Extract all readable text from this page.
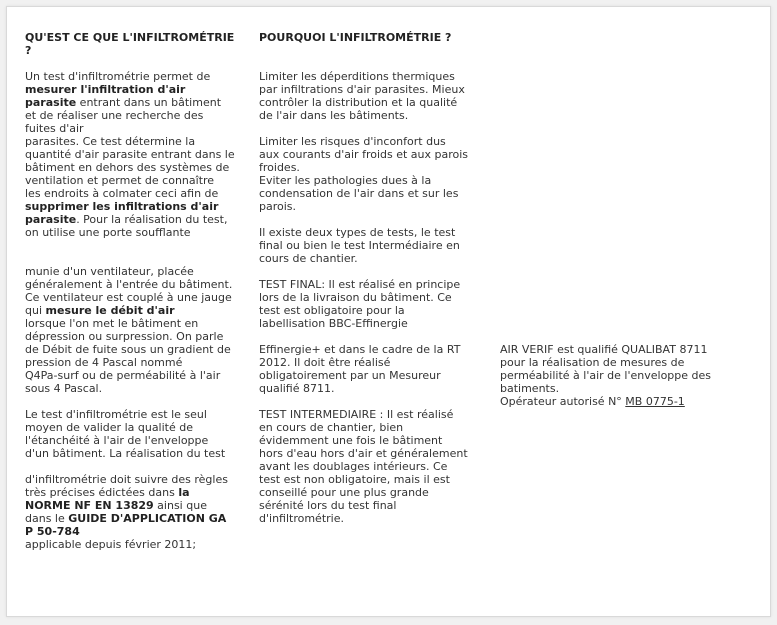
QU'EST CE QUE L'INFILTROMÉTRIE ?

Un test d'infiltrométrie permet de mesurer l'infiltration d'air parasite entrant dans un bâtiment et de réaliser une recherche des fuites d'air
parasites. Ce test détermine la quantité d'air parasite entrant dans le bâtiment en dehors des systèmes de ventilation et permet de connaître
les endroits à colmater ceci afin de supprimer les infiltrations d'air parasite. Pour la réalisation du test, on utilise une porte soufflante

munie d'un ventilateur, placée généralement à l'entrée du bâtiment. Ce ventilateur est couplé à une jauge qui mesure le débit d'air
lorsque l'on met le bâtiment en dépression ou surpression. On parle de Débit de fuite sous un gradient de pression de 4 Pascal nommé
Q4Pa-surf ou de perméabilité à l'air sous 4 Pascal.

Le test d'infiltrométrie est le seul moyen de valider la qualité de l'étanchéité à l'air de l'enveloppe d'un bâtiment. La réalisation du test

d'infiltrométrie doit suivre des règles très précises édictées dans la NORME NF EN 13829 ainsi que dans le GUIDE D'APPLICATION GA P 50-784
applicable depuis février 2011;

POURQUOI L'INFILTROMÉTRIE ?

Limiter les déperditions thermiques par infiltrations d'air parasites. Mieux contrôler la distribution et la qualité de l'air dans les bâtiments.

Limiter les risques d'inconfort dus aux courants d'air froids et aux parois froides.
Eviter les pathologies dues à la condensation de l'air dans et sur les parois.

Il existe deux types de tests, le test final ou bien le test Intermédiaire en cours de chantier.

TEST FINAL: Il est réalisé en principe lors de la livraison du bâtiment. Ce test est obligatoire pour la labellisation BBC-Effinergie

Effinergie+ et dans le cadre de la RT 2012. Il doit être réalisé obligatoirement par un Mesureur qualifié 8711.

TEST INTERMEDIAIRE : Il est réalisé en cours de chantier, bien évidemment une fois le bâtiment hors d'eau hors d'air et généralement
avant les doublages intérieurs. Ce test est non obligatoire, mais il est conseillé pour une plus grande sérénité lors du test final d'infiltrométrie.

AIR VERIF est qualifié QUALIBAT 8711 pour la réalisation de mesures de perméabilité à l'air de l'enveloppe des batiments.

Opérateur autorisé N° MB 0775-1
